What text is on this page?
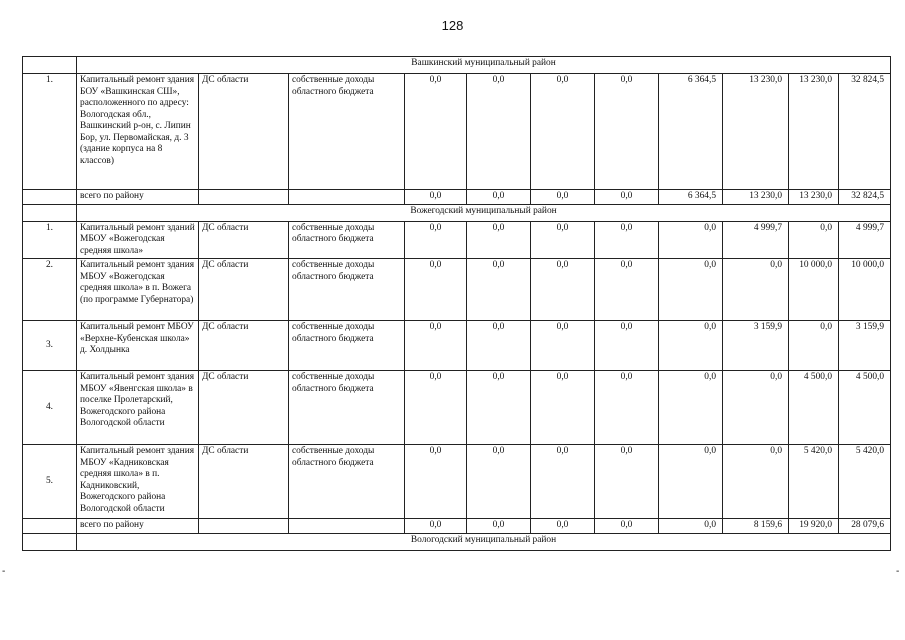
128
	Вашкинский муниципальный район										
1.	Капитальный ремонт здания БОУ «Вашкинская СШ», расположенного по адресу: Вологодская обл., Вашкинский р-он, с. Липин Бор, ул. Первомайская, д. 3 (здание корпуса на 8 классов)	ДС области	собственные доходы областного бюджета	0,0	0,0	0,0	0,0	6 364,5	13 230,0	13 230,0	32 824,5
	всего по району			0,0	0,0	0,0	0,0	6 364,5	13 230,0	13 230,0	32 824,5
	Вожегодский муниципальный район										
1.	Капитальный ремонт зданий МБОУ «Вожегодская средняя школа»	ДС области	собственные доходы областного бюджета	0,0	0,0	0,0	0,0	0,0	4 999,7	0,0	4 999,7
2.	Капитальный ремонт здания МБОУ «Вожегодская средняя школа» в п. Вожега (по программе Губернатора)	ДС области	собственные доходы областного бюджета	0,0	0,0	0,0	0,0	0,0	0,0	10 000,0	10 000,0
3.	Капитальный ремонт МБОУ «Верхне-Кубенская школа» д. Холдынка	ДС области	собственные доходы областного бюджета	0,0	0,0	0,0	0,0	0,0	3 159,9	0,0	3 159,9
4.	Капитальный ремонт здания МБОУ «Явенгская школа» в поселке Пролетарский, Вожегодского района Вологодской области	ДС области	собственные доходы областного бюджета	0,0	0,0	0,0	0,0	0,0	0,0	4 500,0	4 500,0
5.	Капитальный ремонт здания МБОУ «Кадниковская средняя школа» в п. Кадниковский, Вожегодского района Вологодской области	ДС области	собственные доходы областного бюджета	0,0	0,0	0,0	0,0	0,0	0,0	5 420,0	5 420,0
	всего по району			0,0	0,0	0,0	0,0	0,0	8 159,6	19 920,0	28 079,6
	Вологодский муниципальный район										
-	-
